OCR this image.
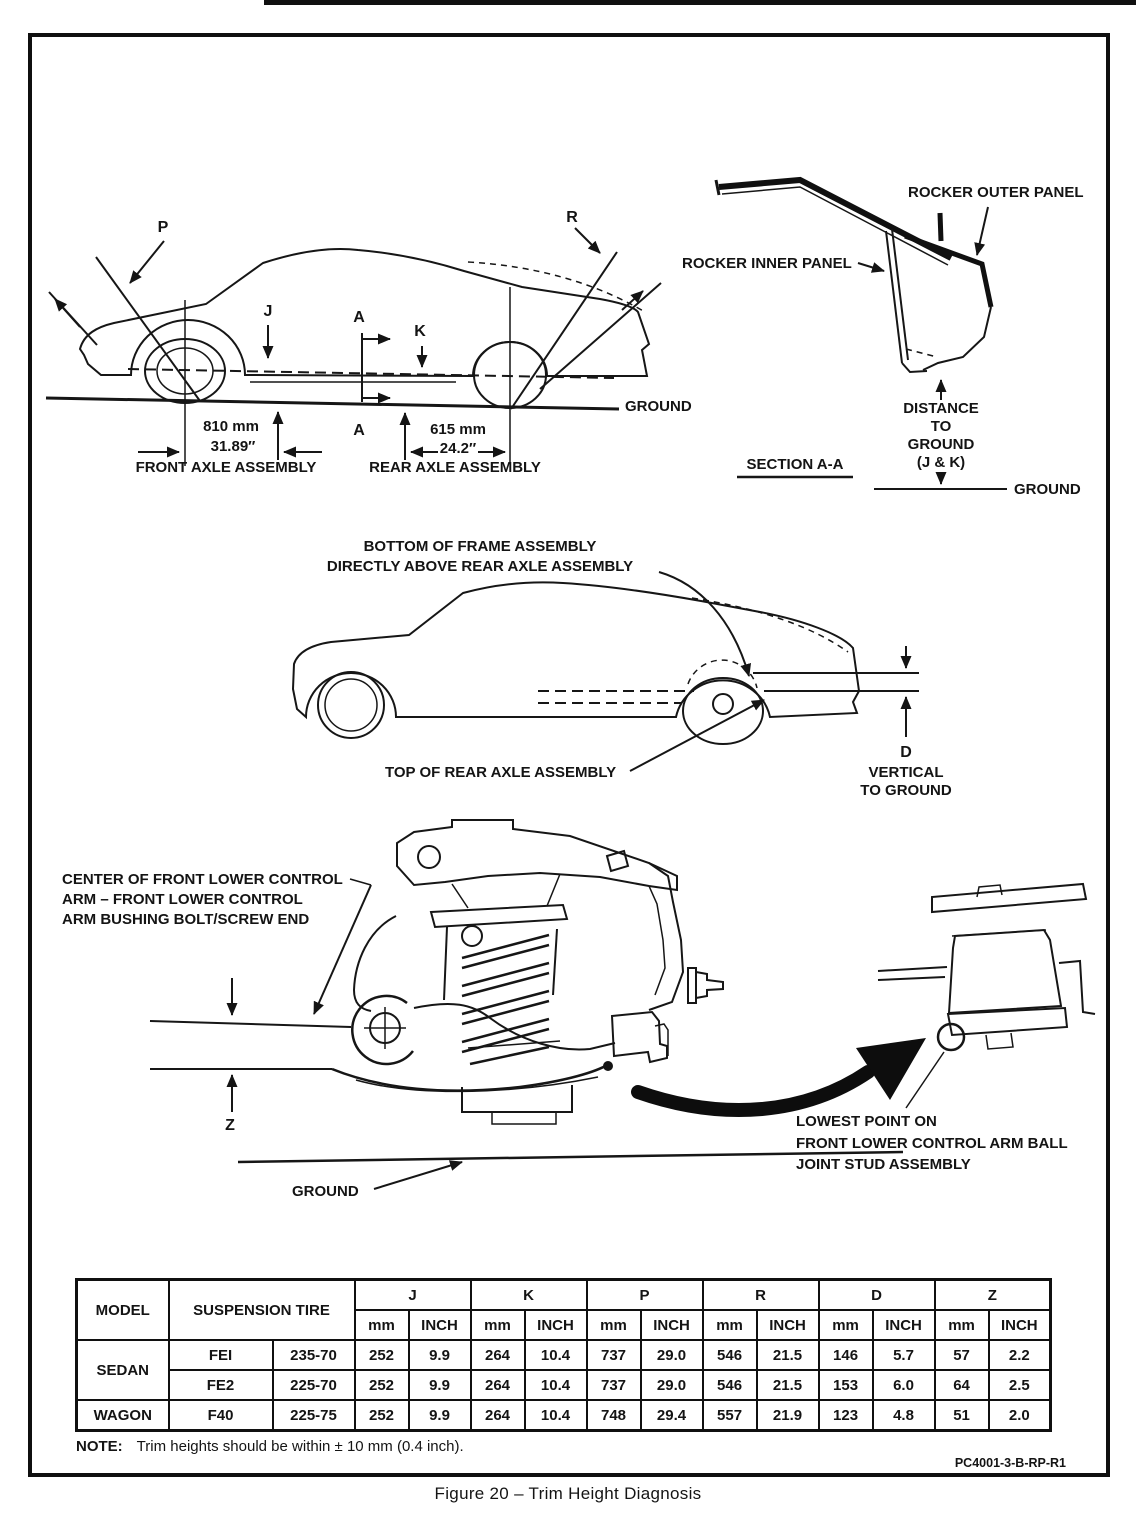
P
R
J	A
A
K
GROUND
810 mm
31.89″
FRONT AXLE ASSEMBLY
615 mm
24.2″
REAR AXLE ASSEMBLY
DISTANCE
TO
GROUND
(J & K)
GROUND
SECTION A-A
ROCKER OUTER PANEL
ROCKER INNER PANEL
BOTTOM OF FRAME ASSEMBLY
DIRECTLY ABOVE REAR AXLE ASSEMBLY
D
VERTICAL
TO GROUND
TOP OF REAR AXLE ASSEMBLY
CENTER OF FRONT LOWER CONTROL
ARM – FRONT LOWER CONTROL
ARM BUSHING BOLT/SCREW END
Z
GROUND
LOWEST POINT ON
FRONT LOWER CONTROL ARM BALL
JOINT STUD ASSEMBLY
MODEL	SUSPENSION TIRE		J		K		P		R		D		Z	
			mm	INCH	mm	INCH	mm	INCH	mm	INCH	mm	INCH	mm	INCH
SEDAN	FEI	235-70	252	9.9	264	10.4	737	29.0	546	21.5	146	5.7	57	2.2
	FE2	225-70	252	9.9	264	10.4	737	29.0	546	21.5	153	6.0	64	2.5
WAGON	F40	225-75	252	9.9	264	10.4	748	29.4	557	21.9	123	4.8	51	2.0
NOTE: Trim heights should be within ± 10 mm (0.4 inch).
PC4001-3-B-RP-R1
Figure 20 – Trim Height Diagnosis
